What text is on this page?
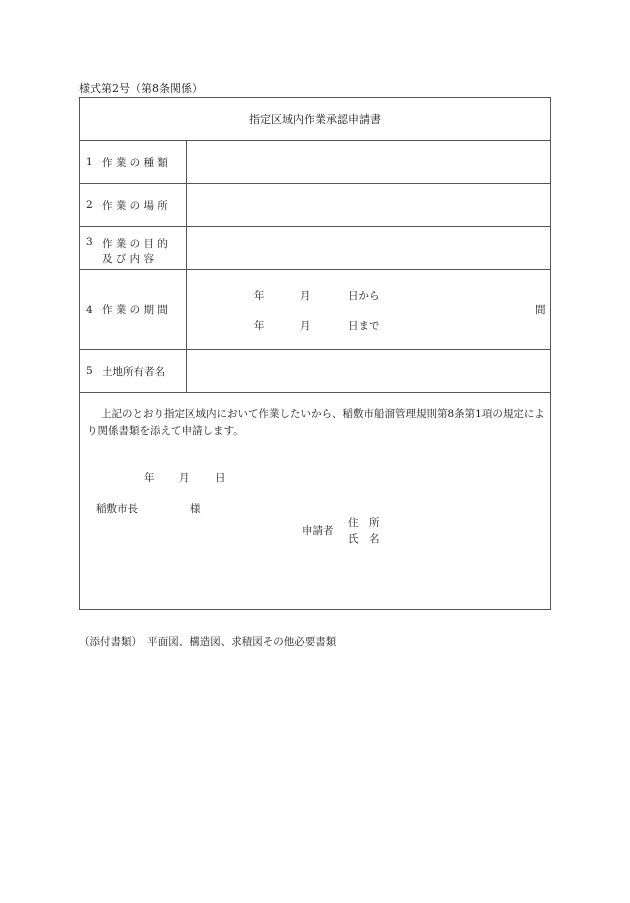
様式第2号（第8条関係）
指定区域内作業承認申請書
1 作 業 の 種 類
2 作 業 の 場 所
3 作 業 の 目 的
及 び 内 容
4 作 業 の 期 間
年	月	日から
年	月	日まで
間
5 土地所有者名
上記のとおり指定区域内において作業したいから、稲敷市船溜管理規則第8条第1項の規定により関係書類を添えて申請します。
年 月 日
稲敷市長	様
申請者
住　所
氏　名
（添付書類）　平面図、構造図、求積図その他必要書類
